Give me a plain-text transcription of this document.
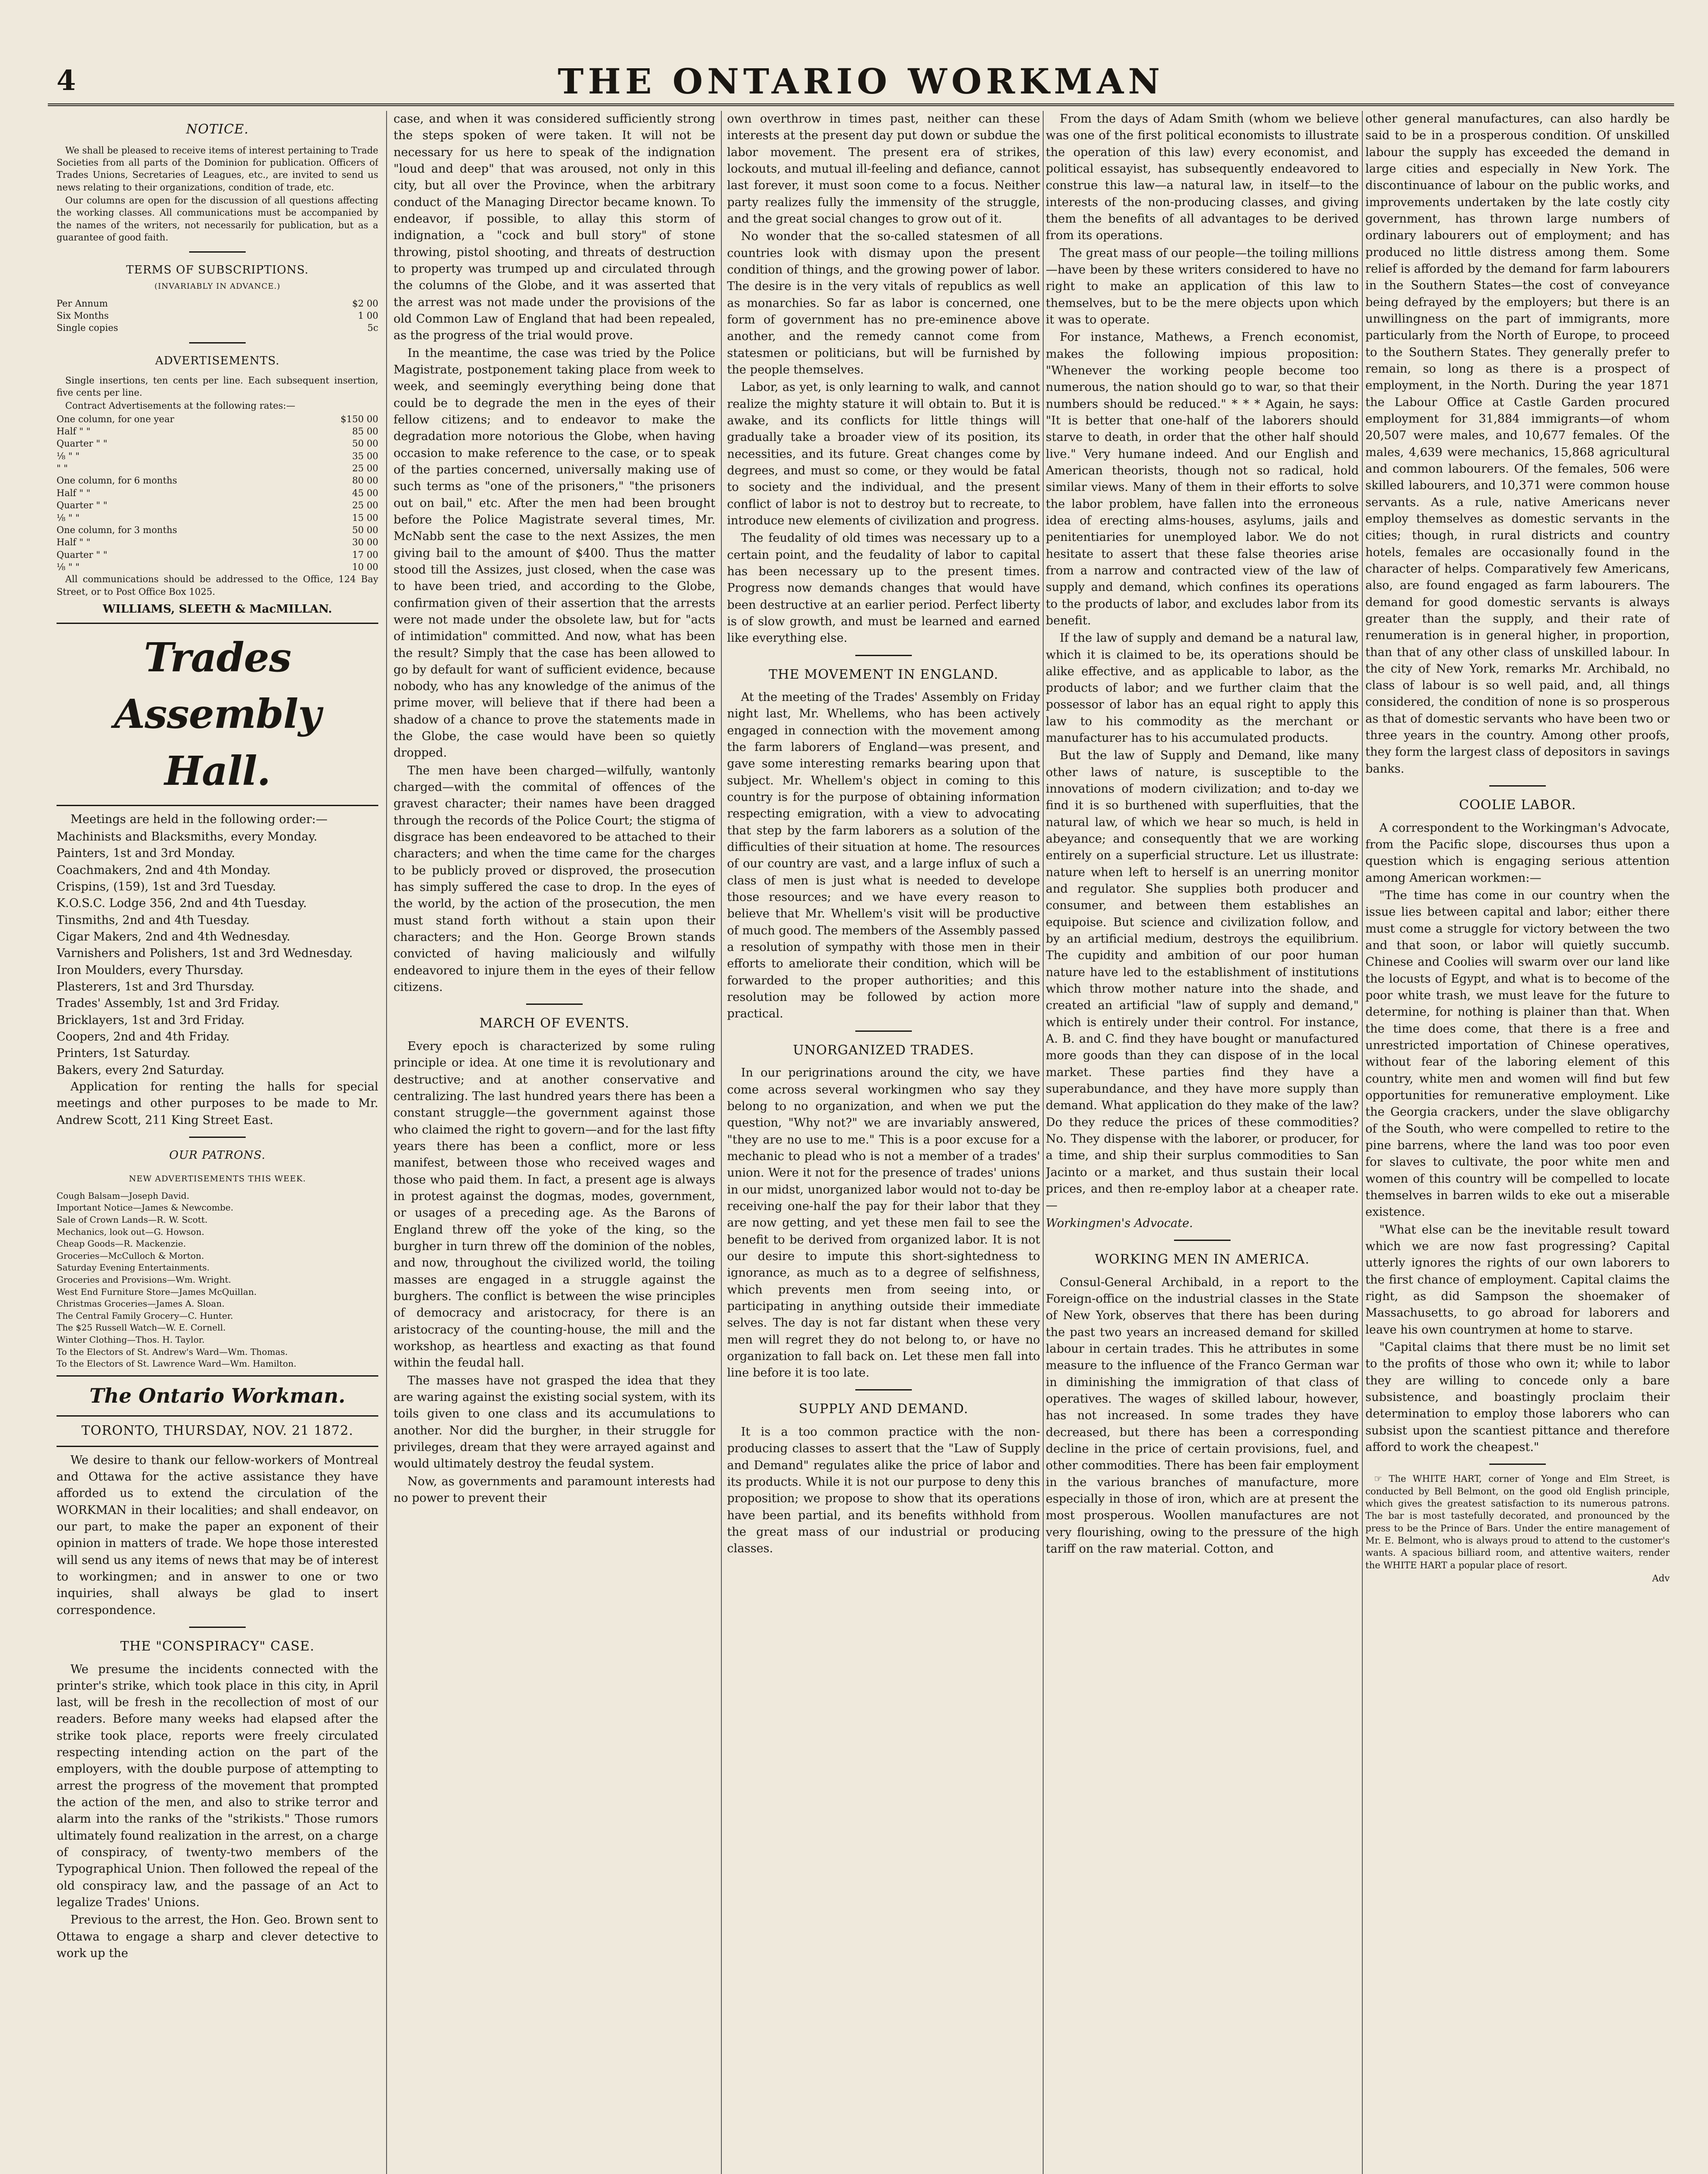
4	THE ONTARIO WORKMAN
NOTICE.

We shall be pleased to receive items of interest pertaining to Trade Societies from all parts of the Dominion for publication. Officers of Trades Unions, Secretaries of Leagues, etc., are invited to send us news relating to their organizations, condition of trade, etc.

Our columns are open for the discussion of all questions affecting the working classes. All communications must be accompanied by the names of the writers, not necessarily for publication, but as a guarantee of good faith.

TERMS OF SUBSCRIPTIONS.
(INVARIABLY IN ADVANCE.)
Per Annum	$2 00
Six Months	1 00
Single copies	5c
ADVERTISEMENTS.

Single insertions, ten cents per line. Each subsequent insertion, five cents per line.

Contract Advertisements at the following rates:—

One column, for one year	$150 00
Half " "	85 00
Quarter " "	50 00
⅛ " "	35 00
" "	25 00
One column, for 6 months	80 00
Half " "	45 00
Quarter " "	25 00
⅛ " "	15 00
One column, for 3 months	50 00
Half " "	30 00
Quarter " "	17 00
⅛ " "	10 00

All communications should be addressed to the Office, 124 Bay Street, or to Post Office Box 1025.

WILLIAMS, SLEETH & MacMILLAN.
Trades Assembly Hall.

Meetings are held in the following order:—

Machinists and Blacksmiths, every Monday.
Painters, 1st and 3rd Monday.
Coachmakers, 2nd and 4th Monday.
Crispins, (159), 1st and 3rd Tuesday.
K.O.S.C. Lodge 356, 2nd and 4th Tuesday.
Tinsmiths, 2nd and 4th Tuesday.
Cigar Makers, 2nd and 4th Wednesday.
Varnishers and Polishers, 1st and 3rd Wednesday.
Iron Moulders, every Thursday.
Plasterers, 1st and 3rd Thursday.
Trades' Assembly, 1st and 3rd Friday.
Bricklayers, 1st and 3rd Friday.
Coopers, 2nd and 4th Friday.
Printers, 1st Saturday.
Bakers, every 2nd Saturday.

Application for renting the halls for special meetings and other purposes to be made to Mr. Andrew Scott, 211 King Street East.

OUR PATRONS.
NEW ADVERTISEMENTS THIS WEEK.
Cough Balsam—Joseph David.
Important Notice—James & Newcombe.
Sale of Crown Lands—R. W. Scott.
Mechanics, look out—G. Howson.
Cheap Goods—R. Mackenzie.
Groceries—McCulloch & Morton.
Saturday Evening Entertainments.
Groceries and Provisions—Wm. Wright.
West End Furniture Store—James McQuillan.
Christmas Groceries—James A. Sloan.
The Central Family Grocery—C. Hunter.
The $25 Russell Watch—W. E. Cornell.
Winter Clothing—Thos. H. Taylor.
To the Electors of St. Andrew's Ward—Wm. Thomas.
To the Electors of St. Lawrence Ward—Wm. Hamilton.
The Ontario Workman.
TORONTO, THURSDAY, NOV. 21 1872.

We desire to thank our fellow-workers of Montreal and Ottawa for the active assistance they have afforded us to extend the circulation of the WORKMAN in their localities; and shall endeavor, on our part, to make the paper an exponent of their opinion in matters of trade. We hope those interested will send us any items of news that may be of interest to workingmen; and in answer to one or two inquiries, shall always be glad to insert correspondence.

THE "CONSPIRACY" CASE.

We presume the incidents connected with the printer's strike, which took place in this city, in April last, will be fresh in the recollection of most of our readers. Before many weeks had elapsed after the strike took place, reports were freely circulated respecting intending action on the part of the employers, with the double purpose of attempting to arrest the progress of the movement that prompted the action of the men, and also to strike terror and alarm into the ranks of the "strikists." Those rumors ultimately found realization in the arrest, on a charge of conspiracy, of twenty-two members of the Typographical Union. Then followed the repeal of the old conspiracy law, and the passage of an Act to legalize Trades' Unions.

Previous to the arrest, the Hon. Geo. Brown sent to Ottawa to engage a sharp and clever detective to work up the

case, and when it was considered sufficiently strong the steps spoken of were taken. It will not be necessary for us here to speak of the indignation "loud and deep" that was aroused, not only in this city, but all over the Province, when the arbitrary conduct of the Managing Director became known. To endeavor, if possible, to allay this storm of indignation, a "cock and bull story" of stone throwing, pistol shooting, and threats of destruction to property was trumped up and circulated through the columns of the Globe, and it was asserted that the arrest was not made under the provisions of the old Common Law of England that had been repealed, as the progress of the trial would prove.

In the meantime, the case was tried by the Police Magistrate, postponement taking place from week to week, and seemingly everything being done that could be to degrade the men in the eyes of their fellow citizens; and to endeavor to make the degradation more notorious the Globe, when having occasion to make reference to the case, or to speak of the parties concerned, universally making use of such terms as "one of the prisoners," "the prisoners out on bail," etc. After the men had been brought before the Police Magistrate several times, Mr. McNabb sent the case to the next Assizes, the men giving bail to the amount of $400. Thus the matter stood till the Assizes, just closed, when the case was to have been tried, and according to the Globe, confirmation given of their assertion that the arrests were not made under the obsolete law, but for "acts of intimidation" committed. And now, what has been the result? Simply that the case has been allowed to go by default for want of sufficient evidence, because nobody, who has any knowledge of the animus of the prime mover, will believe that if there had been a shadow of a chance to prove the statements made in the Globe, the case would have been so quietly dropped.

The men have been charged—wilfully, wantonly charged—with the commital of offences of the gravest character; their names have been dragged through the records of the Police Court; the stigma of disgrace has been endeavored to be attached to their characters; and when the time came for the charges to be publicly proved or disproved, the prosecution has simply suffered the case to drop. In the eyes of the world, by the action of the prosecution, the men must stand forth without a stain upon their characters; and the Hon. George Brown stands convicted of having maliciously and wilfully endeavored to injure them in the eyes of their fellow citizens.

MARCH OF EVENTS.

Every epoch is characterized by some ruling principle or idea. At one time it is revolutionary and destructive; and at another conservative and centralizing. The last hundred years there has been a constant struggle—the government against those who claimed the right to govern—and for the last fifty years there has been a conflict, more or less manifest, between those who received wages and those who paid them. In fact, a present age is always in protest against the dogmas, modes, government, or usages of a preceding age. As the Barons of England threw off the yoke of the king, so the burgher in turn threw off the dominion of the nobles, and now, throughout the civilized world, the toiling masses are engaged in a struggle against the burghers. The conflict is between the wise principles of democracy and aristocracy, for there is an aristocracy of the counting-house, the mill and the workshop, as heartless and exacting as that found within the feudal hall.

The masses have not grasped the idea that they are waring against the existing social system, with its toils given to one class and its accumulations to another. Nor did the burgher, in their struggle for privileges, dream that they were arrayed against and would ultimately destroy the feudal system.

Now, as governments and paramount interests had no power to prevent their

own overthrow in times past, neither can these interests at the present day put down or subdue the labor movement. The present era of strikes, lockouts, and mutual ill-feeling and defiance, cannot last forever, it must soon come to a focus. Neither party realizes fully the immensity of the struggle, and the great social changes to grow out of it.

No wonder that the so-called statesmen of all countries look with dismay upon the present condition of things, and the growing power of labor. The desire is in the very vitals of republics as well as monarchies. So far as labor is concerned, one form of government has no pre-eminence above another, and the remedy cannot come from statesmen or politicians, but will be furnished by the people themselves.

Labor, as yet, is only learning to walk, and cannot realize the mighty stature it will obtain to. But it is awake, and its conflicts for little things will gradually take a broader view of its position, its necessities, and its future. Great changes come by degrees, and must so come, or they would be fatal to society and the individual, and the present conflict of labor is not to destroy but to recreate, to introduce new elements of civilization and progress.

The feudality of old times was necessary up to a certain point, and the feudality of labor to capital has been necessary up to the present times. Progress now demands changes that would have been destructive at an earlier period. Perfect liberty is of slow growth, and must be learned and earned like everything else.

THE MOVEMENT IN ENGLAND.

At the meeting of the Trades' Assembly on Friday night last, Mr. Whellems, who has been actively engaged in connection with the movement among the farm laborers of England—was present, and gave some interesting remarks bearing upon that subject. Mr. Whellem's object in coming to this country is for the purpose of obtaining information respecting emigration, with a view to advocating that step by the farm laborers as a solution of the difficulties of their situation at home. The resources of our country are vast, and a large influx of such a class of men is just what is needed to develope those resources; and we have every reason to believe that Mr. Whellem's visit will be productive of much good. The members of the Assembly passed a resolution of sympathy with those men in their efforts to ameliorate their condition, which will be forwarded to the proper authorities; and this resolution may be followed by action more practical.

UNORGANIZED TRADES.

In our perigrinations around the city, we have come across several workingmen who say they belong to no organization, and when we put the question, "Why not?" we are invariably answered, "they are no use to me." This is a poor excuse for a mechanic to plead who is not a member of a trades' union. Were it not for the presence of trades' unions in our midst, unorganized labor would not to-day be receiving one-half the pay for their labor that they are now getting, and yet these men fail to see the benefit to be derived from organized labor. It is not our desire to impute this short-sightedness to ignorance, as much as to a degree of selfishness, which prevents men from seeing into, or participating in anything outside their immediate selves. The day is not far distant when these very men will regret they do not belong to, or have no organization to fall back on. Let these men fall into line before it is too late.

SUPPLY AND DEMAND.

It is a too common practice with the non-producing classes to assert that the "Law of Supply and Demand" regulates alike the price of labor and its products. While it is not our purpose to deny this proposition; we propose to show that its operations have been partial, and its benefits withhold from the great mass of our industrial or producing classes.

From the days of Adam Smith (whom we believe was one of the first political economists to illustrate the operation of this law) every economist, and political essayist, has subsequently endeavored to construe this law—a natural law, in itself—to the interests of the non-producing classes, and giving them the benefits of all advantages to be derived from its operations.

The great mass of our people—the toiling millions—have been by these writers considered to have no right to make an application of this law to themselves, but to be the mere objects upon which it was to operate.

For instance, Mathews, a French economist, makes the following impious proposition: "Whenever the working people become too numerous, the nation should go to war, so that their numbers should be reduced." * * * Again, he says: "It is better that one-half of the laborers should starve to death, in order that the other half should live." Very humane indeed. And our English and American theorists, though not so radical, hold similar views. Many of them in their efforts to solve the labor problem, have fallen into the erroneous idea of erecting alms-houses, asylums, jails and penitentiaries for unemployed labor. We do not hesitate to assert that these false theories arise from a narrow and contracted view of the law of supply and demand, which confines its operations to the products of labor, and excludes labor from its benefit.

If the law of supply and demand be a natural law, which it is claimed to be, its operations should be alike effective, and as applicable to labor, as the products of labor; and we further claim that the possessor of labor has an equal right to apply this law to his commodity as the merchant or manufacturer has to his accumulated products.

But the law of Supply and Demand, like many other laws of nature, is susceptible to the innovations of modern civilization; and to-day we find it is so burthened with superfluities, that the natural law, of which we hear so much, is held in abeyance; and consequently that we are working entirely on a superficial structure. Let us illustrate: nature when left to herself is an unerring monitor and regulator. She supplies both producer and consumer, and between them establishes an equipoise. But science and civilization follow, and by an artificial medium, destroys the equilibrium. The cupidity and ambition of our poor human nature have led to the establishment of institutions which throw mother nature into the shade, and created an artificial "law of supply and demand," which is entirely under their control. For instance, A. B. and C. find they have bought or manufactured more goods than they can dispose of in the local market. These parties find they have a superabundance, and they have more supply than demand. What application do they make of the law? Do they reduce the prices of these commodities? No. They dispense with the laborer, or producer, for a time, and ship their surplus commodities to San Jacinto or a market, and thus sustain their local prices, and then re-employ labor at a cheaper rate.—

Workingmen's Advocate.

WORKING MEN IN AMERICA.

Consul-General Archibald, in a report to the Foreign-office on the industrial classes in the State of New York, observes that there has been during the past two years an increased demand for skilled labour in certain trades. This he attributes in some measure to the influence of the Franco German war in diminishing the immigration of that class of operatives. The wages of skilled labour, however, has not increased. In some trades they have decreased, but there has been a corresponding decline in the price of certain provisions, fuel, and other commodities. There has been fair employment in the various branches of manufacture, more especially in those of iron, which are at present the most prosperous. Woollen manufactures are not very flourishing, owing to the pressure of the high tariff on the raw material. Cotton, and

other general manufactures, can also hardly be said to be in a prosperous condition. Of unskilled labour the supply has exceeded the demand in large cities and especially in New York. The discontinuance of labour on the public works, and improvements undertaken by the late costly city government, has thrown large numbers of ordinary labourers out of employment; and has produced no little distress among them. Some relief is afforded by the demand for farm labourers in the Southern States—the cost of conveyance being defrayed by the employers; but there is an unwillingness on the part of immigrants, more particularly from the North of Europe, to proceed to the Southern States. They generally prefer to remain, so long as there is a prospect of employment, in the North. During the year 1871 the Labour Office at Castle Garden procured employment for 31,884 immigrants—of whom 20,507 were males, and 10,677 females. Of the males, 4,639 were mechanics, 15,868 agricultural and common labourers. Of the females, 506 were skilled labourers, and 10,371 were common house servants. As a rule, native Americans never employ themselves as domestic servants in the cities; though, in rural districts and country hotels, females are occasionally found in the character of helps. Comparatively few Americans, also, are found engaged as farm labourers. The demand for good domestic servants is always greater than the supply, and their rate of renumeration is in general higher, in proportion, than that of any other class of unskilled labour. In the city of New York, remarks Mr. Archibald, no class of labour is so well paid, and, all things considered, the condition of none is so prosperous as that of domestic servants who have been two or three years in the country. Among other proofs, they form the largest class of depositors in savings banks.

COOLIE LABOR.

A correspondent to the Workingman's Advocate, from the Pacific slope, discourses thus upon a question which is engaging serious attention among American workmen:—

"The time has come in our country when the issue lies between capital and labor; either there must come a struggle for victory between the two and that soon, or labor will quietly succumb. Chinese and Coolies will swarm over our land like the locusts of Egypt, and what is to become of the poor white trash, we must leave for the future to determine, for nothing is plainer than that. When the time does come, that there is a free and unrestricted importation of Chinese operatives, without fear of the laboring element of this country, white men and women will find but few opportunities for remunerative employment. Like the Georgia crackers, under the slave obligarchy of the South, who were compelled to retire to the pine barrens, where the land was too poor even for slaves to cultivate, the poor white men and women of this country will be compelled to locate themselves in barren wilds to eke out a miserable existence.

"What else can be the inevitable result toward which we are now fast progressing? Capital utterly ignores the rights of our own laborers to the first chance of employment. Capital claims the right, as did Sampson the shoemaker of Massachusetts, to go abroad for laborers and leave his own countrymen at home to starve.

"Capital claims that there must be no limit set to the profits of those who own it; while to labor they are willing to concede only a bare subsistence, and boastingly proclaim their determination to employ those laborers who can subsist upon the scantiest pittance and therefore afford to work the cheapest."

☞ The WHITE HART, corner of Yonge and Elm Street, is conducted by Bell Belmont, on the good old English principle, which gives the greatest satisfaction to its numerous patrons. The bar is most tastefully decorated, and pronounced by the press to be the Prince of Bars. Under the entire management of Mr. E. Belmont, who is always proud to attend to the customer's wants. A spacious billiard room, and attentive waiters, render the WHITE HART a popular place of resort.

Adv
